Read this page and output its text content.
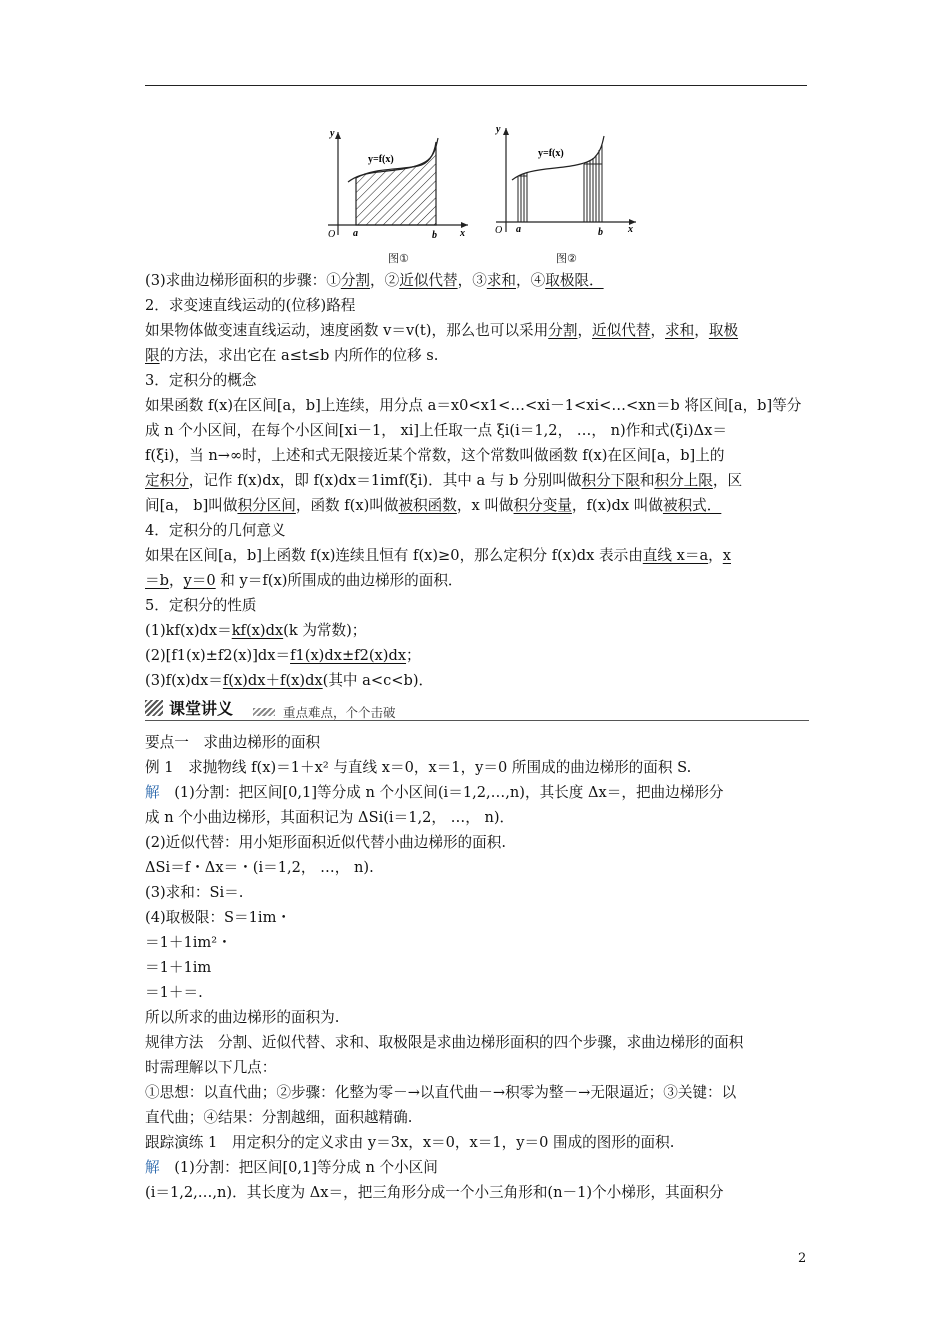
y
y=f(x)
O a	b x
图①
y
y=f(x)
O a	b	x
图②
(3)求曲边梯形面积的步骤：①分割，②近似代替，③求和，④取极限．
2．求变速直线运动的(位移)路程
如果物体做变速直线运动，速度函数 v＝v(t)，那么也可以采用分割，近似代替，求和，取极
限的方法，求出它在 a≤t≤b 内所作的位移 s.
3．定积分的概念
如果函数 f(x)在区间[a，b]上连续，用分点 a＝x0<x1<…<xi－1<xi<…<xn＝b 将区间[a，b]等分
成 n 个小区间，在每个小区间[xi－1， xi]上任取一点 ξi(i＝1,2， …， n)作和式(ξi)Δx＝
f(ξi)，当 n→∞时，上述和式无限接近某个常数，这个常数叫做函数 f(x)在区间[a，b]上的
定积分，记作 f(x)dx，即 f(x)dx＝1imf(ξi)．其中 a 与 b 分别叫做积分下限和积分上限，区
间[a， b]叫做积分区间，函数 f(x)叫做被积函数，x 叫做积分变量，f(x)dx 叫做被积式．
4．定积分的几何意义
如果在区间[a，b]上函数 f(x)连续且恒有 f(x)≥0，那么定积分 f(x)dx 表示由直线 x＝a，x
＝b，y＝0 和 y＝f(x)所围成的曲边梯形的面积．
5．定积分的性质
(1)kf(x)dx＝kf(x)dx(k 为常数)；
(2)[f1(x)±f2(x)]dx＝f1(x)dx±f2(x)dx；
(3)f(x)dx＝f(x)dx＋f(x)dx(其中 a<c<b)．
课堂讲义	重点难点，个个击破
要点一　求曲边梯形的面积
例 1　求抛物线 f(x)＝1＋x² 与直线 x＝0，x＝1，y＝0 所围成的曲边梯形的面积 S.
解　(1)分割：把区间[0,1]等分成 n 个小区间(i＝1,2,…,n)，其长度 Δx＝，把曲边梯形分
成 n 个小曲边梯形，其面积记为 ΔSi(i＝1,2， …， n)．
(2)近似代替：用小矩形面积近似代替小曲边梯形的面积.
ΔSi＝f・Δx＝・(i＝1,2， …， n).
(3)求和：Si＝.
(4)取极限：S＝1im・
＝1＋1im²・
＝1＋1im
＝1＋＝.
所以所求的曲边梯形的面积为.
规律方法　分割、近似代替、求和、取极限是求曲边梯形面积的四个步骤，求曲边梯形的面积
时需理解以下几点：
①思想：以直代曲；②步骤：化整为零－→以直代曲－→积零为整－→无限逼近；③关键：以
直代曲；④结果：分割越细，面积越精确.
跟踪演练 1　用定积分的定义求由 y＝3x，x＝0，x＝1，y＝0 围成的图形的面积.
解　(1)分割：把区间[0,1]等分成 n 个小区间
(i＝1,2,…,n)．其长度为 Δx＝，把三角形分成一个小三角形和(n－1)个小梯形，其面积分
2
